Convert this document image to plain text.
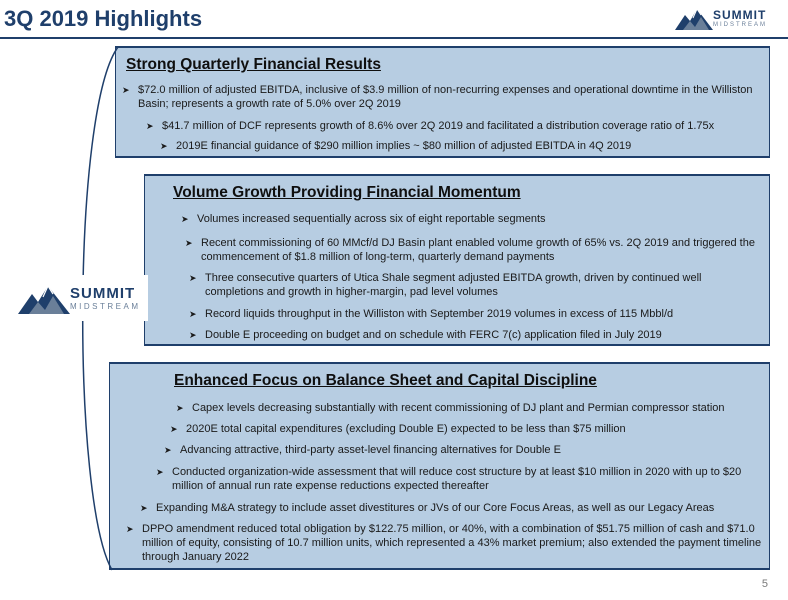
3Q 2019 Highlights	SUMMIT
MIDSTREAM
Strong Quarterly Financial Results
➤ $72.0 million of adjusted EBITDA, inclusive of $3.9 million of non-recurring expenses and operational downtime in the Williston Basin; represents a growth rate of 5.0% over 2Q 2019
➤ $41.7 million of DCF represents growth of 8.6% over 2Q 2019 and facilitated a distribution coverage ratio of 1.75x
➤ 2019E financial guidance of $290 million implies ~ $80 million of adjusted EBITDA in 4Q 2019
Volume Growth Providing Financial Momentum
➤ Volumes increased sequentially across six of eight reportable segments
➤ Recent commissioning of 60 MMcf/d DJ Basin plant enabled volume growth of 65% vs. 2Q 2019 and triggered the commencement of $1.8 million of long-term, quarterly demand payments
➤ Three consecutive quarters of Utica Shale segment adjusted EBITDA growth, driven by continued well completions and growth in higher-margin, pad level volumes
➤ Record liquids throughput in the Williston with September 2019 volumes in excess of 115 Mbbl/d
➤ Double E proceeding on budget and on schedule with FERC 7(c) application filed in July 2019
Enhanced Focus on Balance Sheet and Capital Discipline
➤ Capex levels decreasing substantially with recent commissioning of DJ plant and Permian compressor station
➤ 2020E total capital expenditures (excluding Double E) expected to be less than $75 million
➤ Advancing attractive, third-party asset-level financing alternatives for Double E
➤ Conducted organization-wide assessment that will reduce cost structure by at least $10 million in 2020 with up to $20 million of annual run rate expense reductions expected thereafter
➤ Expanding M&A strategy to include asset divestitures or JVs of our Core Focus Areas, as well as our Legacy Areas
➤ DPPO amendment reduced total obligation by $122.75 million, or 40%, with a combination of $51.75 million of cash and $71.0 million of equity, consisting of 10.7 million units, which represented a 43% market premium; also extended the payment timeline through January 2022
SUMMIT
MIDSTREAM
5
